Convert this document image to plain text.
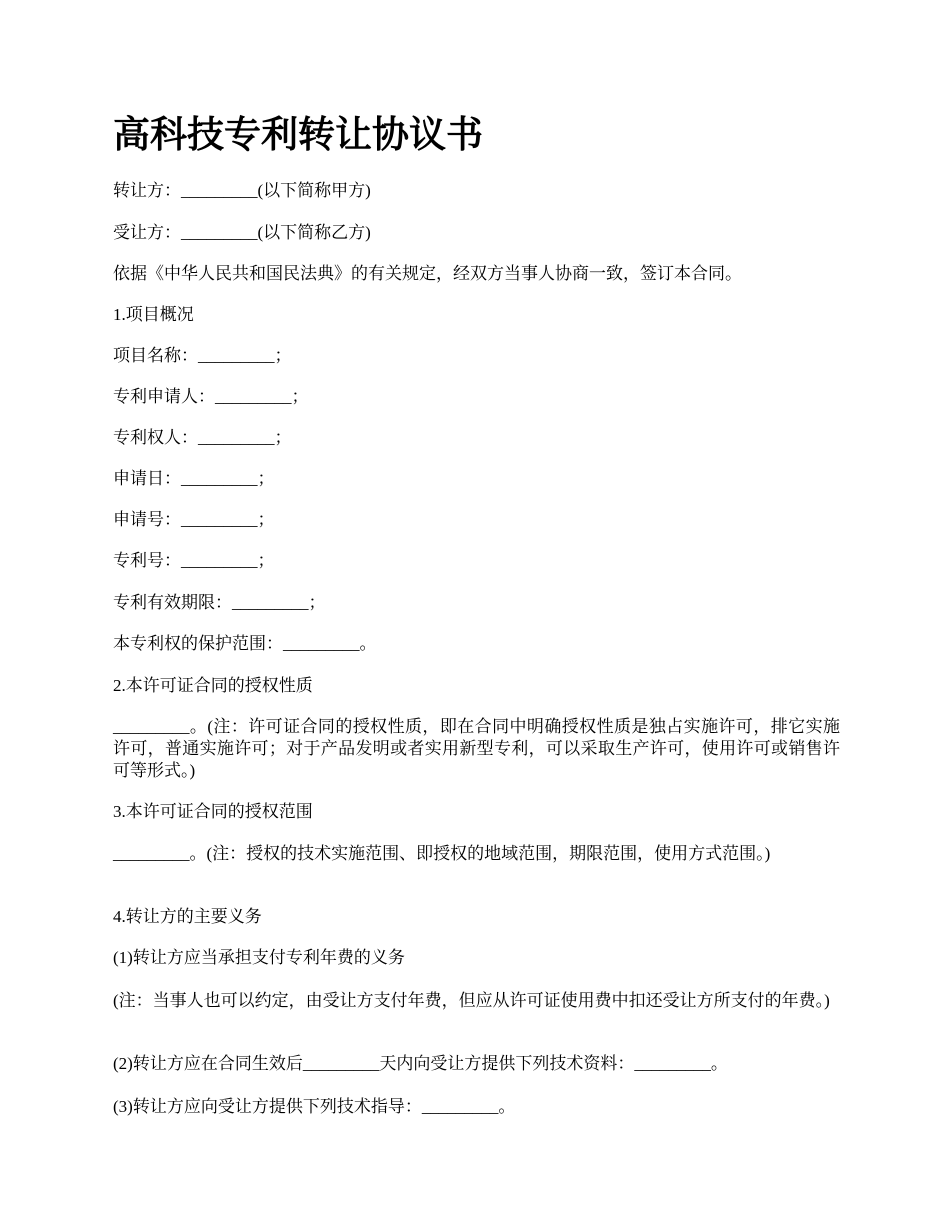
高科技专利转让协议书

转让方：_________(以下简称甲方)

受让方：_________(以下简称乙方)

依据《中华人民共和国民法典》的有关规定，经双方当事人协商一致，签订本合同。

1.项目概况

项目名称：_________；

专利申请人：_________；

专利权人：_________；

申请日：_________；

申请号：_________；

专利号：_________；

专利有效期限：_________；

本专利权的保护范围：_________。

2.本许可证合同的授权性质

_________。(注：许可证合同的授权性质，即在合同中明确授权性质是独占实施许可，排它实施许可，普通实施许可；对于产品发明或者实用新型专利，可以采取生产许可，使用许可或销售许可等形式。)

3.本许可证合同的授权范围

_________。(注：授权的技术实施范围、即授权的地域范围，期限范围，使用方式范围。)

4.转让方的主要义务

(1)转让方应当承担支付专利年费的义务

(注：当事人也可以约定，由受让方支付年费，但应从许可证使用费中扣还受让方所支付的年费。)

(2)转让方应在合同生效后_________天内向受让方提供下列技术资料：_________。

(3)转让方应向受让方提供下列技术指导：_________。
